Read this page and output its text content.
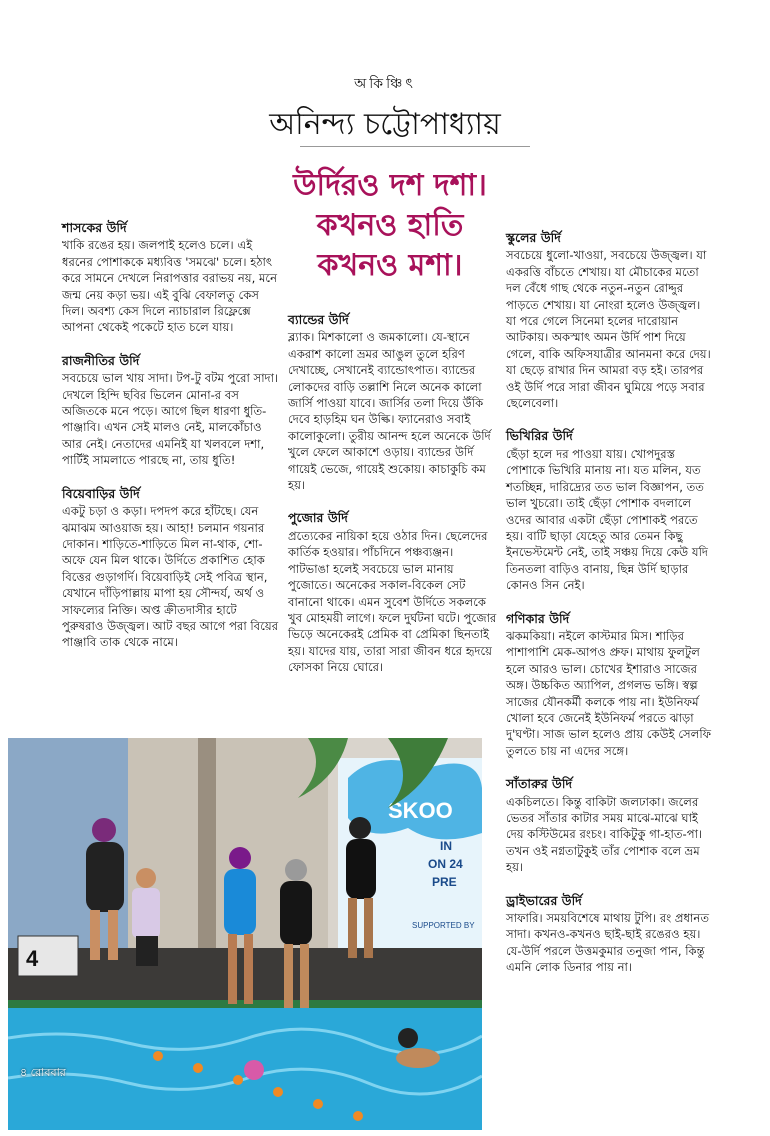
অকিঞ্চিৎ
অনিন্দ্য চট্টোপাধ্যায়
উর্দিরও দশ দশা।
কখনও হাতি
কখনও মশা।
শাসকের উর্দি

খাকি রঙের হয়। জলপাই হলেও চলে। এই ধরনের পোশাককে মধ্যবিত্ত 'সমঝে' চলে। হঠাৎ করে সামনে দেখলে নিরাপত্তার বরাভয় নয়, মনে জন্ম নেয় কড়া ভয়। এই বুঝি বেফালতু কেস দিল। অবশ্য কেস দিলে ন্যাচারাল রিফ্লেক্সে আপনা থেকেই পকেটে হাত চলে যায়।

রাজনীতির উর্দি

সবচেয়ে ভাল খায় সাদা। টপ-টু বটম পুরো সাদা। দেখলে হিন্দি ছবির ভিলেন মোনা-র বস অজিতকে মনে পড়ে। আগে ছিল ধারণা ধুতি-পাঞ্জাবি। এখন সেই মালও নেই, মালকোঁচাও আর নেই। নেতাদের এমনিই যা খলবলে দশা, পার্টিই সামলাতে পারছে না, তায় ধুতি!

বিয়েবাড়ির উর্দি

একটু চড়া ও কড়া। দপদপ করে হাঁটছে। যেন ঝমাঝম আওয়াজ হয়। আহা! চলমান গয়নার দোকান। শাড়িতে-শাড়িতে মিল না-থাক, শো-অফে যেন মিল থাকে। উর্দিতে প্রকাশিত হোক বিত্তের গুড়াগর্দি। বিয়েবাড়িই সেই পবিত্র স্থান, যেখানে দাঁড়িপাল্লায় মাপা হয় সৌন্দর্য, অর্থ ও সাফল্যের নিক্তি। অপ্ত ক্রীতদাসীর হাটে পুরুষরাও উজ্জ্বল। আট বছর আগে পরা বিয়ের পাঞ্জাবি তাক থেকে নামে।

ব্যান্ডের উর্দি

ব্ল্যাক। মিশকালো ও জমকালো। যে-স্থানে একরাশ কালো ভ্রমর আঙুল তুলে হরিণ দেখাচ্ছে, সেখানেই ব্যান্ডোৎপাত। ব্যান্ডের লোকদের বাড়ি তল্লাশি নিলে অনেক কালো জার্সি পাওয়া যাবে। জার্সির তলা দিয়ে উঁকি দেবে হাড়হিম ঘন উল্কি। ফ্যানেরাও সবাই কালোকুলো। তুরীয় আনন্দ হলে অনেকে উর্দি খুলে ফেলে আকাশে ওড়ায়। ব্যান্ডের উর্দি গায়েই ভেজে, গায়েই শুকোয়। কাচাকুচি কম হয়।

পুজোর উর্দি

প্রত্যেকের নায়িকা হয়ে ওঠার দিন। ছেলেদের কার্তিক হওয়ার। পাঁচদিনে পঞ্চব্যঞ্জন। পাটভাঙা হলেই সবচেয়ে ভাল মানায় পুজোতে। অনেকের সকাল-বিকেল সেট বানানো থাকে। এমন সুবেশ উর্দিতে সকলকে খুব মোহময়ী লাগে। ফলে দুর্ঘটনা ঘটে। পুজোর ভিড়ে অনেকেরই প্রেমিক বা প্রেমিকা ছিনতাই হয়। যাদের যায়, তারা সারা জীবন ধরে হৃদয়ে ফোসকা নিয়ে ঘোরে।

স্কুলের উর্দি

সবচেয়ে ধুলো-খাওয়া, সবচেয়ে উজ্জ্বল। যা একরত্তি বাঁচতে শেখায়। যা মৌচাকের মতো দল বেঁধে গাছ থেকে নতুন-নতুন রোদ্দুর পাড়তে শেখায়। যা নোংরা হলেও উজ্জ্বল। যা পরে গেলে সিনেমা হলের দারোয়ান আটকায়। অকস্মাৎ অমন উর্দি পাশ দিয়ে গেলে, বাকি অফিসযাত্রীর আনমনা করে দেয়। যা ছেড়ে রাখার দিন আমরা বড় হই। তারপর ওই উর্দি পরে সারা জীবন ঘুমিয়ে পড়ে সবার ছেলেবেলা।

ভিখিরির উর্দি

ছেঁড়া হলে দর পাওয়া যায়। খোপদুরস্ত পোশাকে ভিখিরি মানায় না। যত মলিন, যত শতচ্ছিন্ন, দারিদ্র্যের তত ভাল বিজ্ঞাপন, তত ভাল খুচরো। তাই ছেঁড়া পোশাক বদলালে ওদের আবার একটা ছেঁড়া পোশাকই পরতে হয়। বাটি ছাড়া যেহেতু আর তেমন কিছু ইনভেস্টমেন্ট নেই, তাই সঞ্চয় দিয়ে কেউ যদি তিনতলা বাড়িও বানায়, ছিন্ন উর্দি ছাড়ার কোনও সিন নেই।

গণিকার উর্দি

ঝকমকিয়া। নইলে কাস্টমার মিস। শাড়ির পাশাপাশি মেক-আপও প্রুফ। মাথায় ফুলটুল হলে আরও ভাল। চোখের ইশারাও সাজের অঙ্গ। উচ্চকিত অ্যাপিল, প্রগলভ ভঙ্গি। স্বল্প সাজের যৌনকর্মী কলকে পায় না। ইউনিফর্ম খোলা হবে জেনেই ইউনিফর্ম পরতে ঝাড়া দু'ঘণ্টা। সাজ ভাল হলেও প্রায় কেউই সেলফি তুলতে চায় না এদের সঙ্গে।

সাঁতারুর উর্দি

একচিলতে। কিন্তু বাকিটা জলঢাকা। জলের ভেতর সাঁতার কাটার সময় মাঝে-মাঝে ঘাই দেয় কস্টিউমের রংচং। বাকিটুকু গা-হাত-পা। তখন ওই নগ্নতাটুকুই তাঁর পোশাক বলে ভ্রম হয়।

ড্রাইভারের উর্দি

সাফারি। সময়বিশেষে মাথায় টুপি। রং প্রধানত সাদা। কখনও-কখনও ছাই-ছাই রঙেরও হয়। যে-উর্দি পরলে উত্তমকুমার তনুজা পান, কিন্তু এমনি লোক ডিনার পায় না।

SKOO
IN
ON 24
PRE
SUPPORTED BY
4
৪ রোববার
